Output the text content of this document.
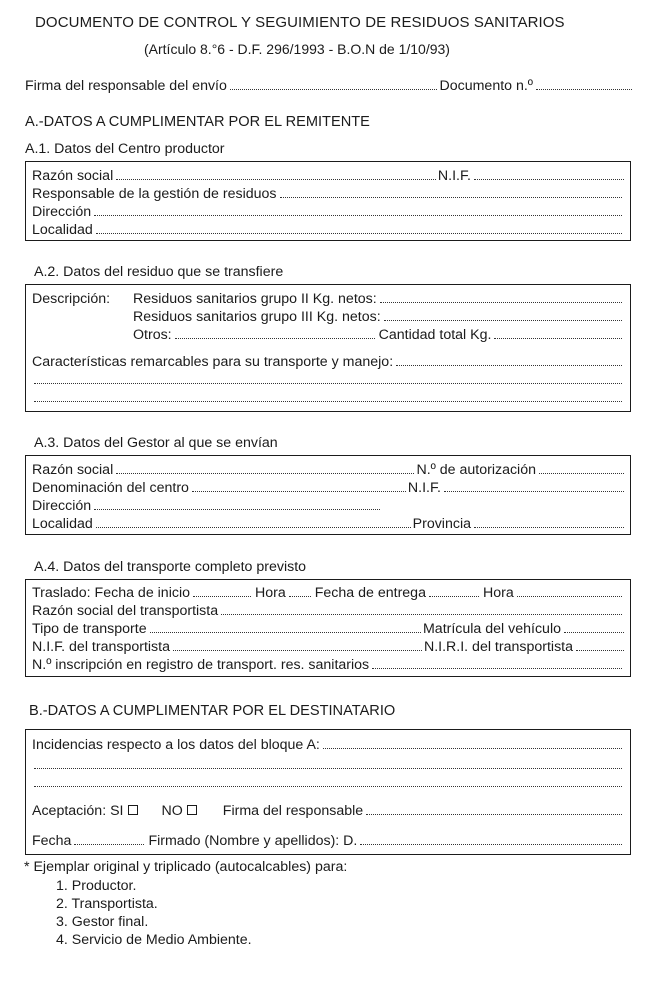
DOCUMENTO DE CONTROL Y SEGUIMIENTO DE RESIDUOS SANITARIOS
(Artículo 8.°6 - D.F. 296/1993 - B.O.N de 1/10/93)
Firma del responsable del envío	Documento n.º
A.-DATOS A CUMPLIMENTAR POR EL REMITENTE
A.1. Datos del Centro productor
Razón social	N.I.F.
Responsable de la gestión de residuos
Dirección
Localidad
A.2. Datos del residuo que se transfiere
Descripción:	Residuos sanitarios grupo II Kg. netos:
Residuos sanitarios grupo III Kg. netos:
Otros:	Cantidad total Kg.
Características remarcables para su transporte y manejo:
A.3. Datos del Gestor al que se envían
Razón social	N.º de autorización
Denominación del centro	N.I.F.
Dirección
Localidad	Provincia
A.4. Datos del transporte completo previsto
Traslado: Fecha de inicio	Hora Fecha de entrega	Hora
Razón social del transportista
Tipo de transporte	Matrícula del vehículo
N.I.F. del transportista	N.I.R.I. del transportista
N.º inscripción en registro de transport. res. sanitarios
B.-DATOS A CUMPLIMENTAR POR EL DESTINATARIO
Incidencias respecto a los datos del bloque A:
Aceptación: SI	NO	Firma del responsable
Fecha	Firmado (Nombre y apellidos): D.
* Ejemplar original y triplicado (autocalcables) para:
1. Productor.
2. Transportista.
3. Gestor final.
4. Servicio de Medio Ambiente.
